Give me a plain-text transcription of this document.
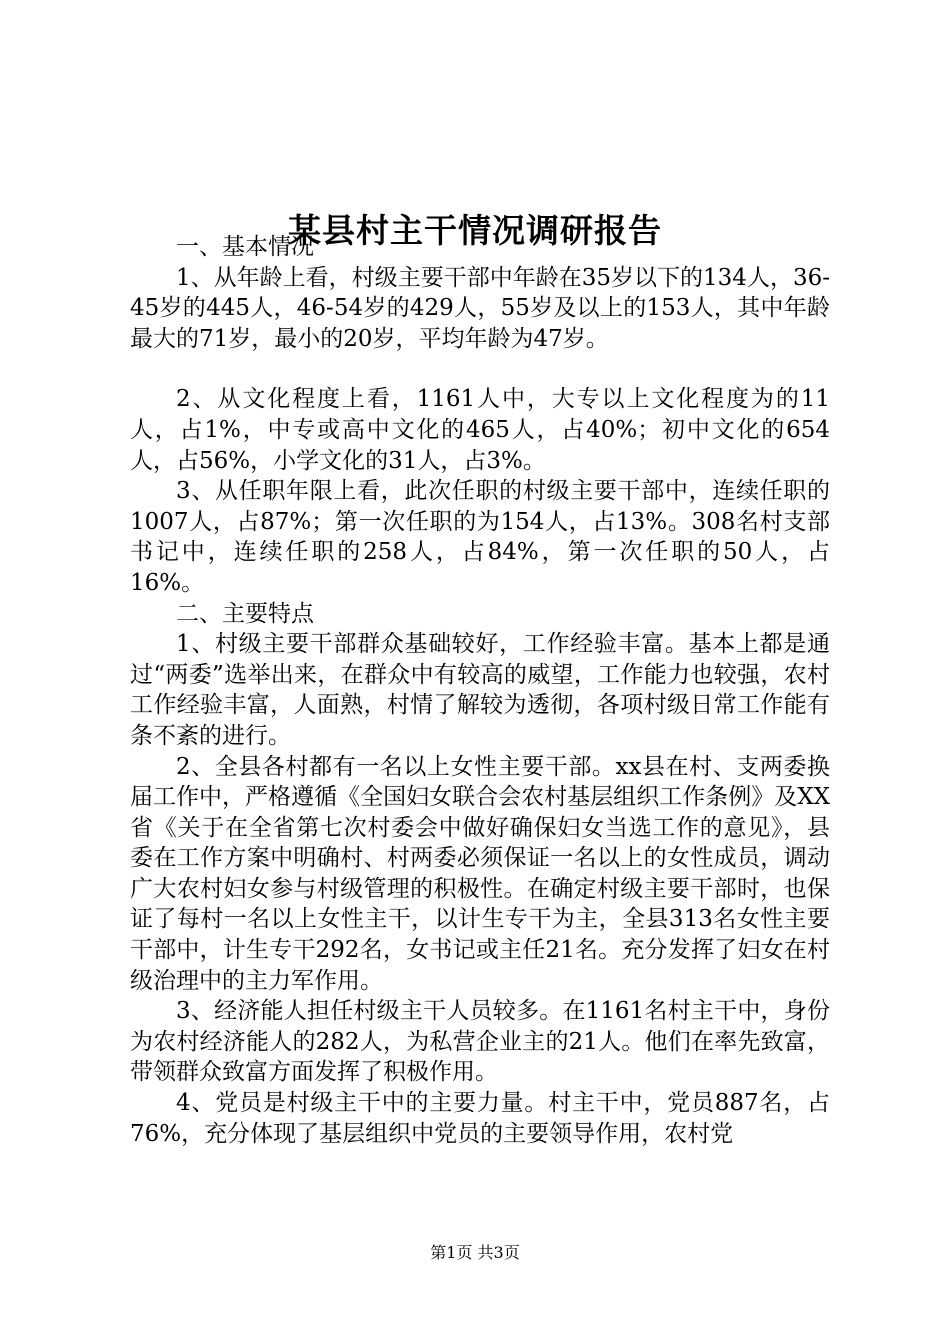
某县村主干情况调研报告

一、基本情况

1、从年龄上看，村级主要干部中年龄在35岁以下的134人，36-45岁的445人，46-54岁的429人，55岁及以上的153人，其中年龄最大的71岁，最小的20岁，平均年龄为47岁。

2、从文化程度上看，1161人中，大专以上文化程度为的11人，占1%，中专或高中文化的465人，占40%；初中文化的654人，占56%，小学文化的31人，占3%。

3、从任职年限上看，此次任职的村级主要干部中，连续任职的1007人，占87%；第一次任职的为154人，占13%。308名村支部书记中，连续任职的258人，占84%，第一次任职的50人，占16%。

二、主要特点

1、村级主要干部群众基础较好，工作经验丰富。基本上都是通过“两委”选举出来，在群众中有较高的威望，工作能力也较强，农村工作经验丰富，人面熟，村情了解较为透彻，各项村级日常工作能有条不紊的进行。

2、全县各村都有一名以上女性主要干部。xx县在村、支两委换届工作中，严格遵循《全国妇女联合会农村基层组织工作条例》及XX省《关于在全省第七次村委会中做好确保妇女当选工作的意见》，县委在工作方案中明确村、村两委必须保证一名以上的女性成员，调动广大农村妇女参与村级管理的积极性。在确定村级主要干部时，也保证了每村一名以上女性主干，以计生专干为主，全县313名女性主要干部中，计生专干292名，女书记或主任21名。充分发挥了妇女在村级治理中的主力军作用。

3、经济能人担任村级主干人员较多。在1161名村主干中，身份为农村经济能人的282人，为私营企业主的21人。他们在率先致富，带领群众致富方面发挥了积极作用。

4、党员是村级主干中的主要力量。村主干中，党员887名，占76%，充分体现了基层组织中党员的主要领导作用，农村党

第1页 共3页
